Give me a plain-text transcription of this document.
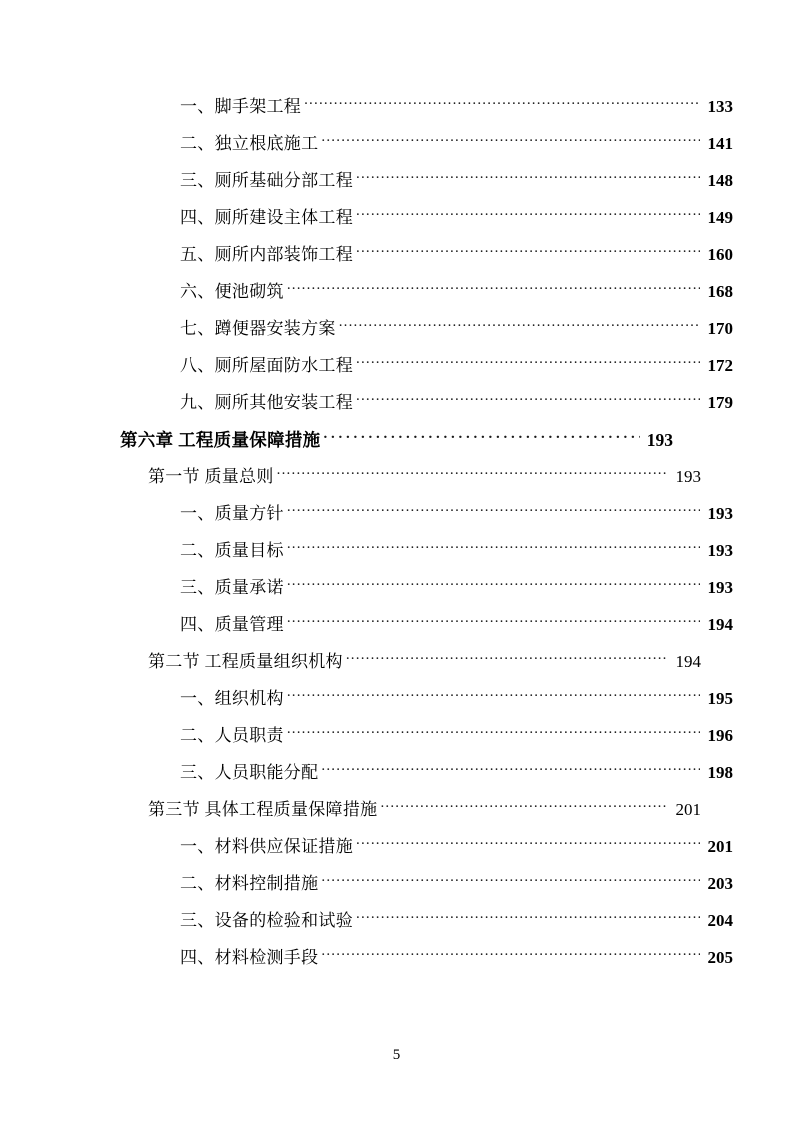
一、脚手架工程 .....	133
二、独立根底施工 .....	141
三、厕所基础分部工程 .....	148
四、厕所建设主体工程 .....	149
五、厕所内部装饰工程 .....	160
六、便池砌筑 .....	168
七、蹲便器安装方案 .....	170
八、厕所屋面防水工程 .....	172
九、厕所其他安装工程 .....	179
第六章 工程质量保障措施 . . .	193
第一节 质量总则 .....	193
一、质量方针 .....	193
二、质量目标 .....	193
三、质量承诺 .....	193
四、质量管理 .....	194
第二节 工程质量组织机构 .....	194
一、组织机构 .....	195
二、人员职责 .....	196
三、人员职能分配 .....	198
第三节 具体工程质量保障措施 .....	201
一、材料供应保证措施 .....	201
二、材料控制措施 .....	203
三、设备的检验和试验 .....	204
四、材料检测手段 .....	205
5
